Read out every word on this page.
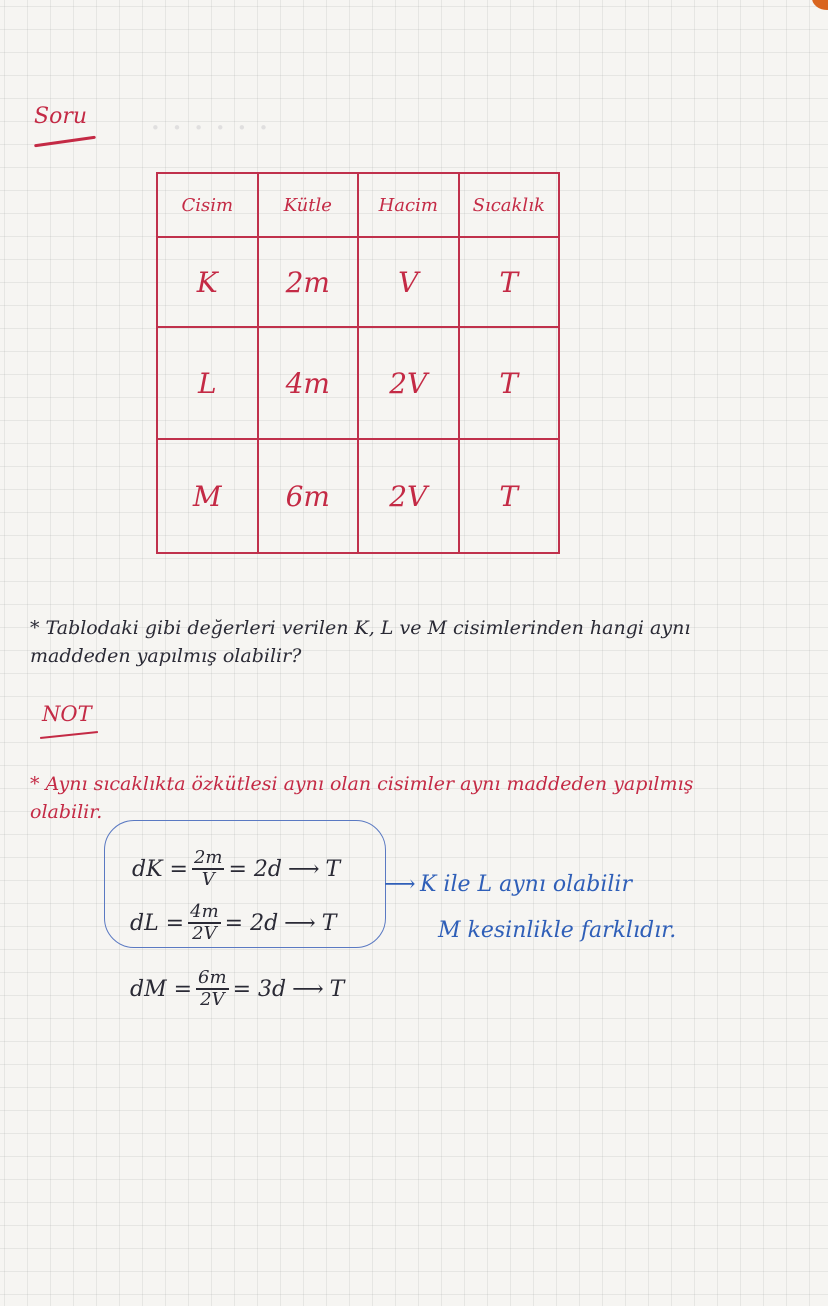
· · · · · ·
Soru
Cisim	Kütle	Hacim	Sıcaklık
K	2m	V	T
L	4m	2V	T
M	6m	2V	T
* Tablodaki gibi değerleri verilen K, L ve M cisimlerinden hangi aynı
maddeden yapılmış olabilir?
NOT
* Aynı sıcaklıkta özkütlesi aynı olan cisimler aynı maddeden yapılmış
olabilir.
dK = $\frac{2m}{V} = 2d$ ⟶ T
dL = $\frac{4m}{2V} = 2d$ ⟶ T
dM = $\frac{6m}{2V} = 3d$ ⟶ T
⟶ K ile L aynı olabilir
M kesinlikle farklıdır.
